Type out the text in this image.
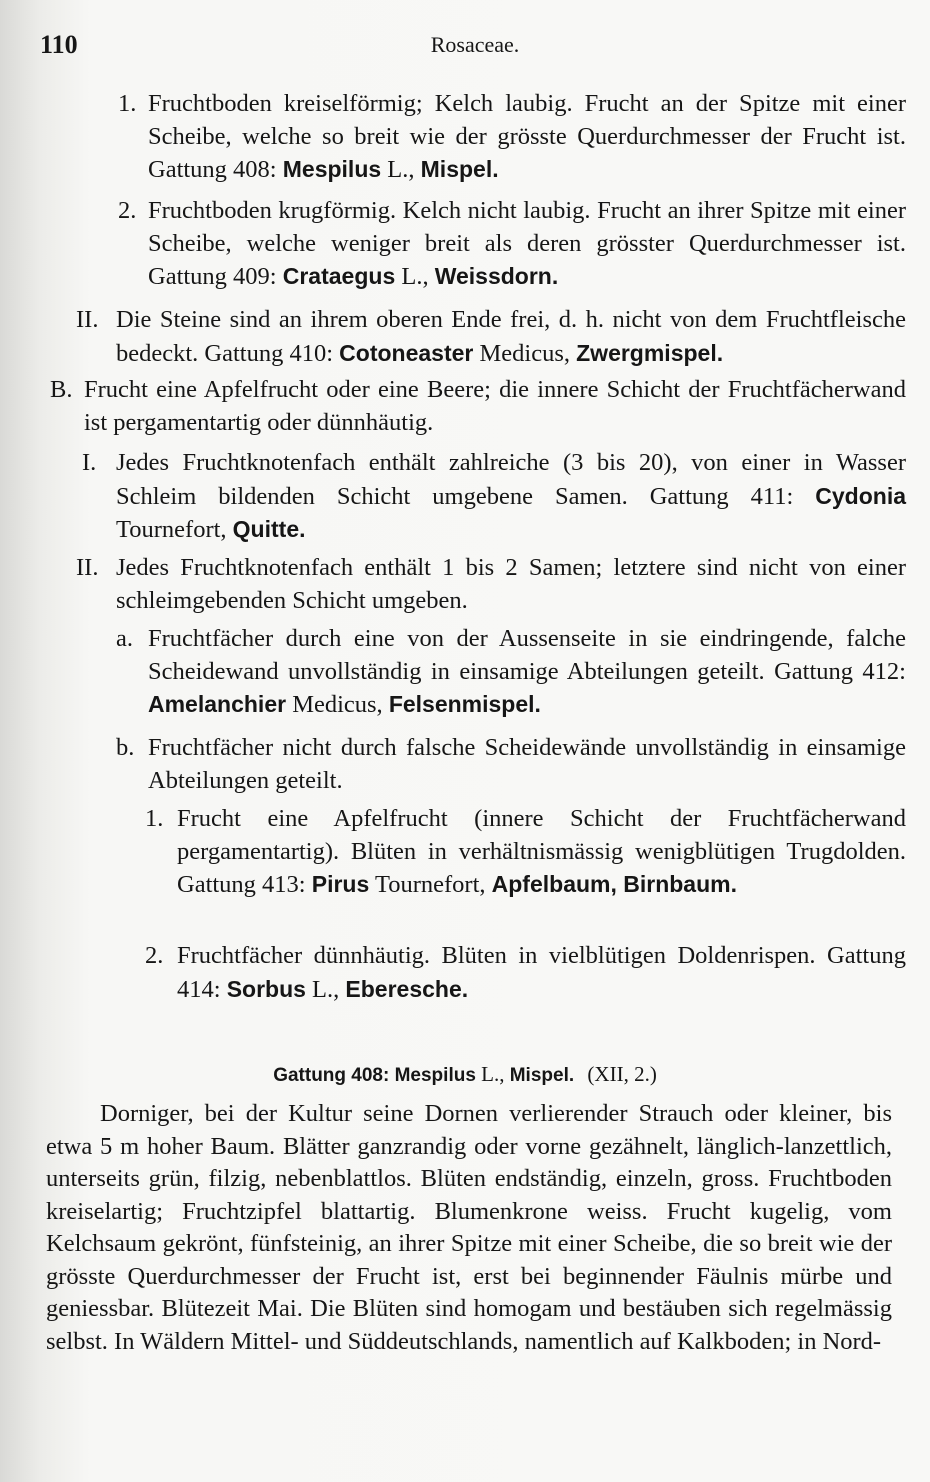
110	Rosaceae.
1. Fruchtboden kreiselförmig; Kelch laubig. Frucht an der Spitze mit einer Scheibe, welche so breit wie der grösste Querdurchmesser der Frucht ist. Gattung 408: Mespilus L., Mispel.
2. Fruchtboden krugförmig. Kelch nicht laubig. Frucht an ihrer Spitze mit einer Scheibe, welche weniger breit als deren grösster Querdurchmesser ist. Gattung 409: Crataegus L., Weissdorn.
II. Die Steine sind an ihrem oberen Ende frei, d. h. nicht von dem Fruchtfleische bedeckt. Gattung 410: Cotoneaster Medicus, Zwergmispel.
B. Frucht eine Apfelfrucht oder eine Beere; die innere Schicht der Fruchtfächerwand ist pergamentartig oder dünnhäutig.
I. Jedes Fruchtknotenfach enthält zahlreiche (3 bis 20), von einer in Wasser Schleim bildenden Schicht umgebene Samen. Gattung 411: Cydonia Tournefort, Quitte.
II. Jedes Fruchtknotenfach enthält 1 bis 2 Samen; letztere sind nicht von einer schleimgebenden Schicht umgeben.
a. Fruchtfächer durch eine von der Aussenseite in sie eindringende, falche Scheidewand unvollständig in einsamige Abteilungen geteilt. Gattung 412: Amelanchier Medicus, Felsenmispel.
b. Fruchtfächer nicht durch falsche Scheidewände unvollständig in einsamige Abteilungen geteilt.
1. Frucht eine Apfelfrucht (innere Schicht der Fruchtfächerwand pergamentartig). Blüten in verhältnismässig wenigblütigen Trugdolden. Gattung 413: Pirus Tournefort, Apfelbaum, Birnbaum.
2. Fruchtfächer dünnhäutig. Blüten in vielblütigen Doldenrispen. Gattung 414: Sorbus L., Eberesche.
Gattung 408: Mespilus L., Mispel. (XII, 2.)
Dorniger, bei der Kultur seine Dornen verlierender Strauch oder kleiner, bis etwa 5 m hoher Baum. Blätter ganzrandig oder vorne gezähnelt, länglich-lanzettlich, unterseits grün, filzig, nebenblattlos. Blüten endständig, einzeln, gross. Fruchtboden kreiselartig; Fruchtzipfel blattartig. Blumenkrone weiss. Frucht kugelig, vom Kelchsaum gekrönt, fünfsteinig, an ihrer Spitze mit einer Scheibe, die so breit wie der grösste Querdurchmesser der Frucht ist, erst bei beginnender Fäulnis mürbe und geniessbar. Blütezeit Mai. Die Blüten sind homogam und bestäuben sich regelmässig selbst. In Wäldern Mittel- und Süddeutschlands, namentlich auf Kalkboden; in Nord-
